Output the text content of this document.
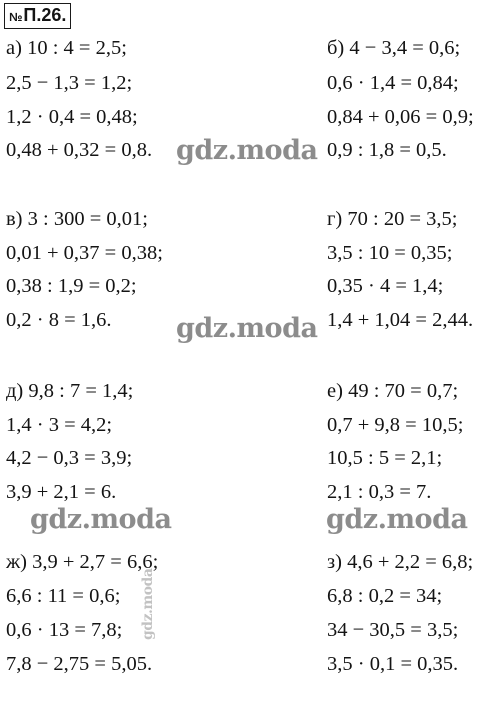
№П.26.
а) 10 : 4 = 2,5;
2,5 − 1,3 = 1,2;
1,2 · 0,4 = 0,48;
0,48 + 0,32 = 0,8.
б) 4 − 3,4 = 0,6;
0,6 · 1,4 = 0,84;
0,84 + 0,06 = 0,9;
0,9 : 1,8 = 0,5.
в) 3 : 300 = 0,01;
0,01 + 0,37 = 0,38;
0,38 : 1,9 = 0,2;
0,2 · 8 = 1,6.
г) 70 : 20 = 3,5;
3,5 : 10 = 0,35;
0,35 · 4 = 1,4;
1,4 + 1,04 = 2,44.
д) 9,8 : 7 = 1,4;
1,4 · 3 = 4,2;
4,2 − 0,3 = 3,9;
3,9 + 2,1 = 6.
е) 49 : 70 = 0,7;
0,7 + 9,8 = 10,5;
10,5 : 5 = 2,1;
2,1 : 0,3 = 7.
ж) 3,9 + 2,7 = 6,6;
6,6 : 11 = 0,6;
0,6 · 13 = 7,8;
7,8 − 2,75 = 5,05.
з) 4,6 + 2,2 = 6,8;
6,8 : 0,2 = 34;
34 − 30,5 = 3,5;
3,5 · 0,1 = 0,35.
gdz.moda
gdz.moda
gdz.moda	gdz.moda
gdz.moda
